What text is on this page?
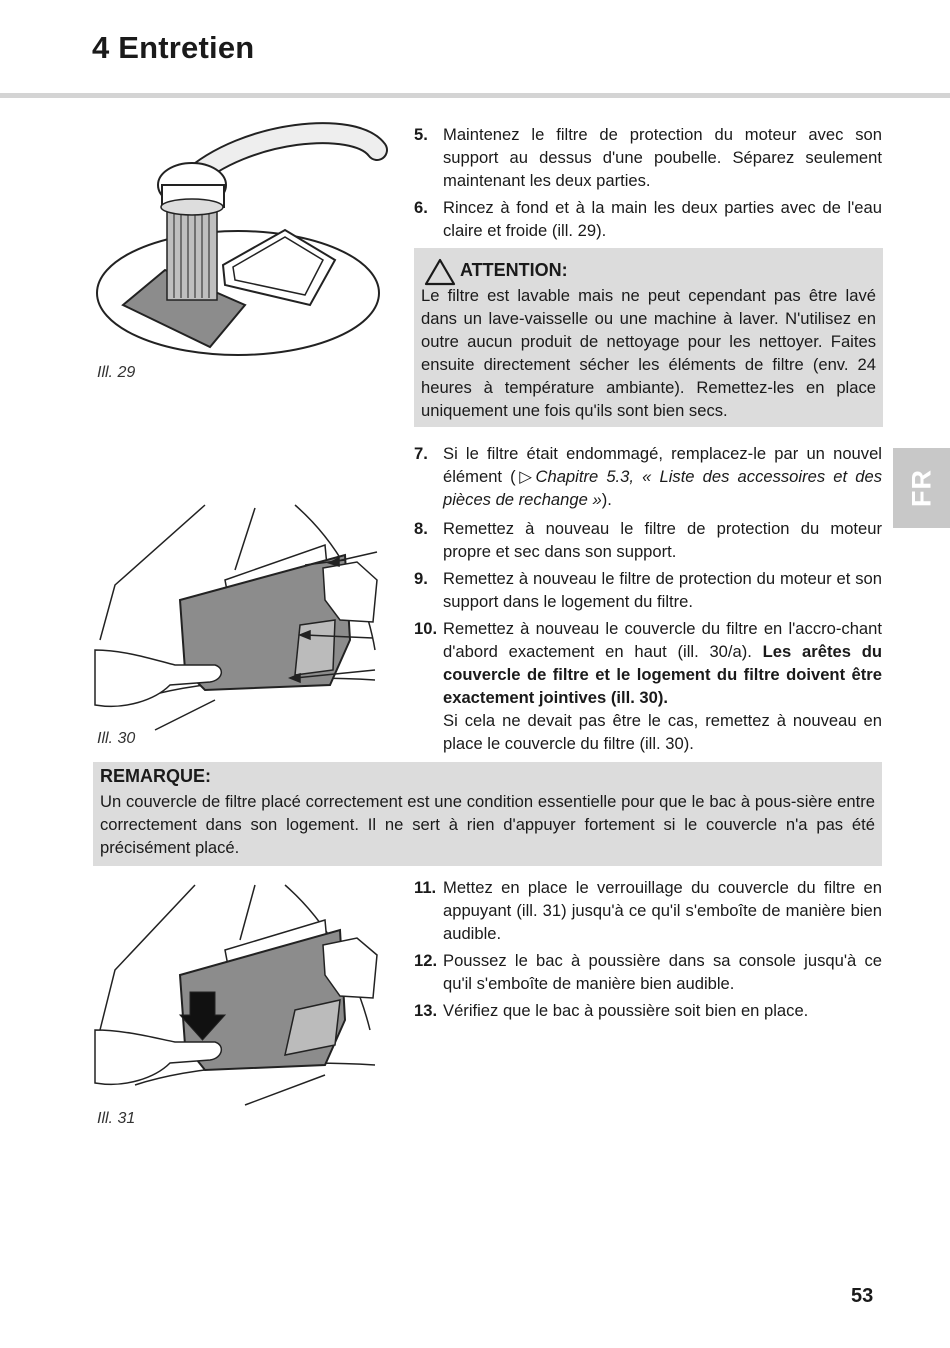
4 Entretien
FR
Ill. 29
5. Maintenez le filtre de protection du moteur avec son support au dessus d'une poubelle. Séparez seulement maintenant les deux parties.
6. Rincez à fond et à la main les deux parties avec de l'eau claire et froide (ill. 29).
ATTENTION:
Le filtre est lavable mais ne peut cependant pas être lavé dans un lave-vaisselle ou une machine à laver. N'utilisez en outre aucun produit de nettoyage pour les nettoyer. Faites ensuite directement sécher les éléments de filtre (env. 24 heures à température ambiante). Remettez-les en place uniquement une fois qu'ils sont bien secs.
Ill. 30
7. Si le filtre était endommagé, remplacez-le par un nouvel élément (▷Chapitre 5.3, « Liste des accessoires et des pièces de rechange »).
8. Remettez à nouveau le filtre de protection du moteur propre et sec dans son support.
9. Remettez à nouveau le filtre de protection du moteur et son support dans le logement du filtre.
10. Remettez à nouveau le couvercle du filtre en l'accro-chant d'abord exactement en haut (ill. 30/a). Les arêtes du couvercle de filtre et le logement du filtre doivent être exactement jointives (ill. 30).
Si cela ne devait pas être le cas, remettez à nouveau en place le couvercle du filtre (ill. 30).
REMARQUE:
Un couvercle de filtre placé correctement est une condition essentielle pour que le bac à pous-sière entre correctement dans son logement. Il ne sert à rien d'appuyer fortement si le couvercle n'a pas été précisément placé.
Ill. 31
11. Mettez en place le verrouillage du couvercle du filtre en appuyant (ill. 31) jusqu'à ce qu'il s'emboîte de manière bien audible.
12. Poussez le bac à poussière dans sa console jusqu'à ce qu'il s'emboîte de manière bien audible.
13. Vérifiez que le bac à poussière soit bien en place.
53
